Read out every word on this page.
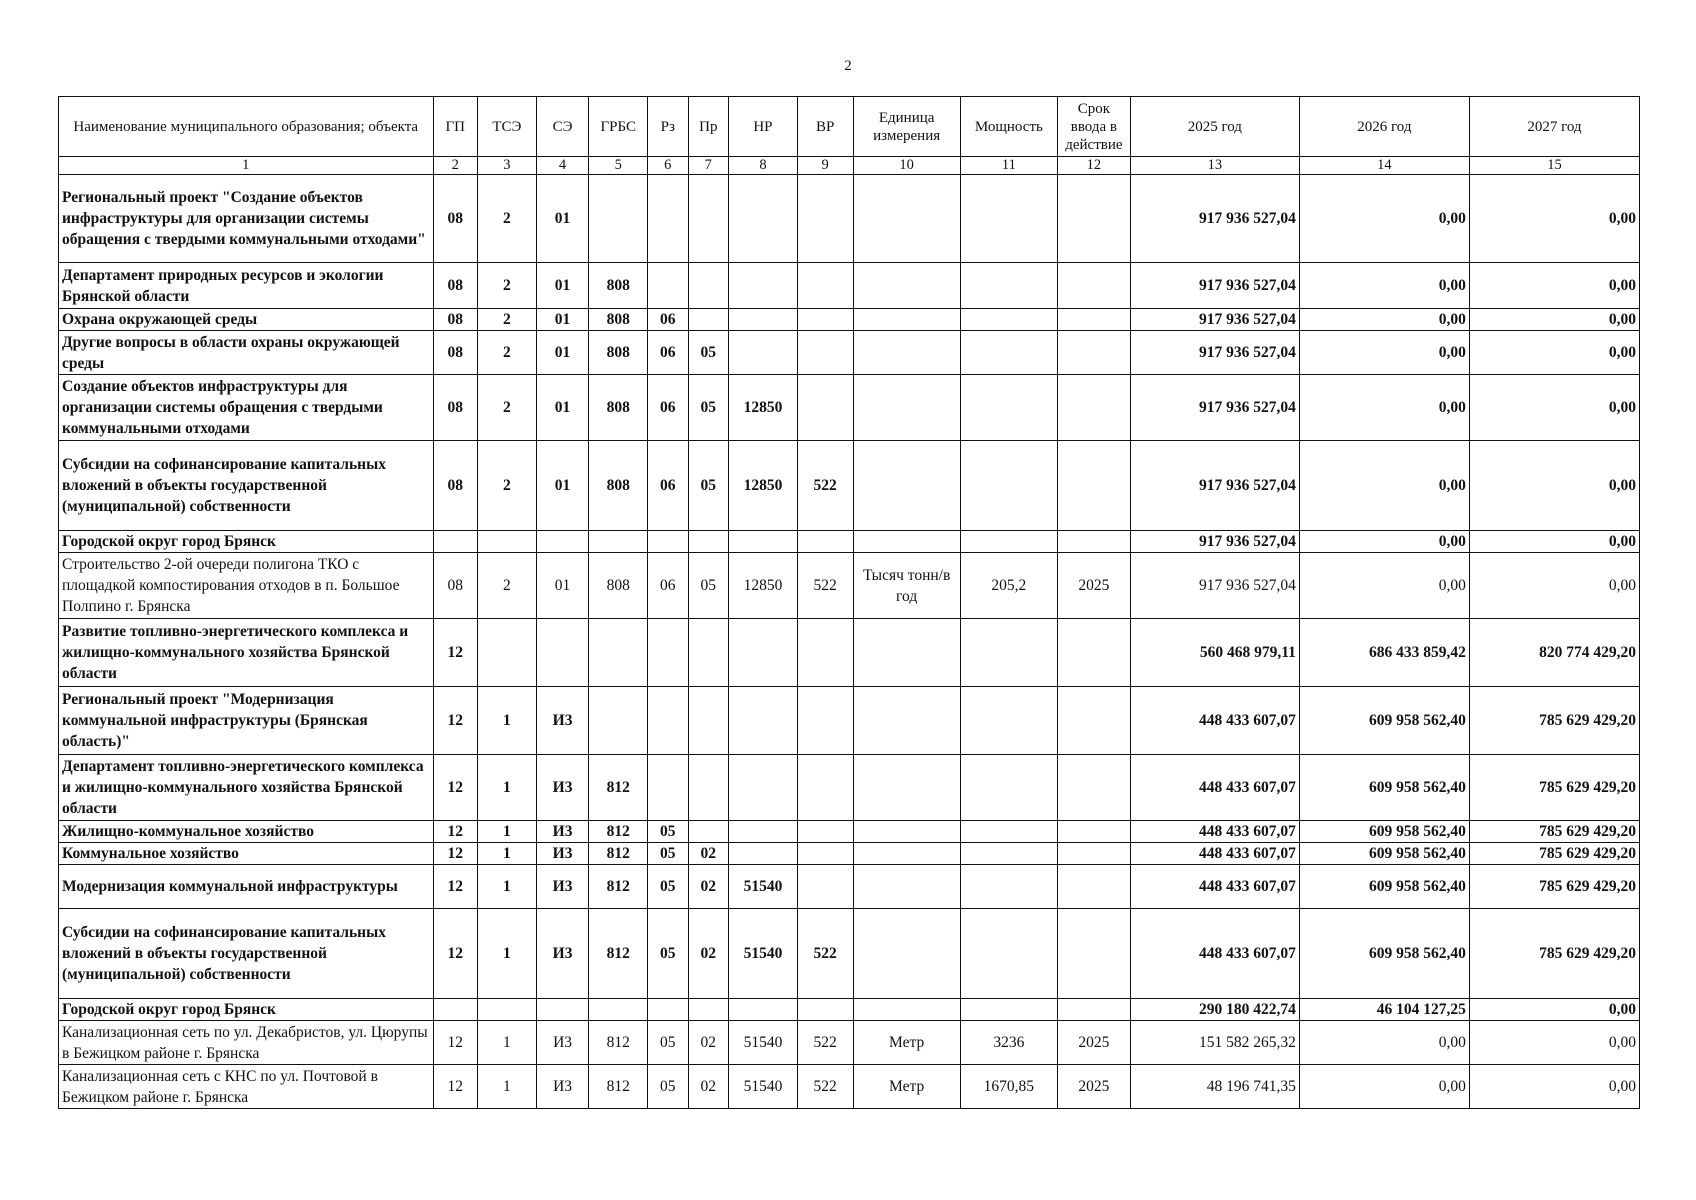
2
Наименование муниципального образования; объекта	ГП	ТСЭ	СЭ	ГРБС	Рз	Пр	НР	ВР	Единица измерения	Мощность	Срок ввода в действие	2025 год	2026 год	2027 год
1	2	3	4	5	6	7	8	9	10	11	12	13	14	15
Региональный проект "Создание объектов инфраструктуры для организации системы обращения с твердыми коммунальными отходами"	08	2	01									917 936 527,04	0,00	0,00
Департамент природных ресурсов и экологии Брянской области	08	2	01	808								917 936 527,04	0,00	0,00
Охрана окружающей среды	08	2	01	808	06							917 936 527,04	0,00	0,00
Другие вопросы в области охраны окружающей среды	08	2	01	808	06	05						917 936 527,04	0,00	0,00
Создание объектов инфраструктуры для организации системы обращения с твердыми коммунальными отходами	08	2	01	808	06	05	12850					917 936 527,04	0,00	0,00
Субсидии на софинансирование капитальных вложений в объекты государственной (муниципальной) собственности	08	2	01	808	06	05	12850	522				917 936 527,04	0,00	0,00
Городской округ город Брянск												917 936 527,04	0,00	0,00
Строительство 2-ой очереди полигона ТКО с площадкой компостирования отходов в п. Большое Полпино г. Брянска	08	2	01	808	06	05	12850	522	Тысяч тонн/в год	205,2	2025	917 936 527,04	0,00	0,00
Развитие топливно-энергетического комплекса и жилищно-коммунального хозяйства Брянской области	12											560 468 979,11	686 433 859,42	820 774 429,20
Региональный проект "Модернизация коммунальной инфраструктуры (Брянская область)"	12	1	И3									448 433 607,07	609 958 562,40	785 629 429,20
Департамент топливно-энергетического комплекса и жилищно-коммунального хозяйства Брянской области	12	1	И3	812								448 433 607,07	609 958 562,40	785 629 429,20
Жилищно-коммунальное хозяйство	12	1	И3	812	05							448 433 607,07	609 958 562,40	785 629 429,20
Коммунальное хозяйство	12	1	И3	812	05	02						448 433 607,07	609 958 562,40	785 629 429,20
Модернизация коммунальной инфраструктуры	12	1	И3	812	05	02	51540					448 433 607,07	609 958 562,40	785 629 429,20
Субсидии на софинансирование капитальных вложений в объекты государственной (муниципальной) собственности	12	1	И3	812	05	02	51540	522				448 433 607,07	609 958 562,40	785 629 429,20
Городской округ город Брянск												290 180 422,74	46 104 127,25	0,00
Канализационная сеть по ул. Декабристов, ул. Цюрупы в Бежицком районе г. Брянска	12	1	И3	812	05	02	51540	522	Метр	3236	2025	151 582 265,32	0,00	0,00
Канализационная сеть с КНС по ул. Почтовой в Бежицком районе г. Брянска	12	1	И3	812	05	02	51540	522	Метр	1670,85	2025	48 196 741,35	0,00	0,00
